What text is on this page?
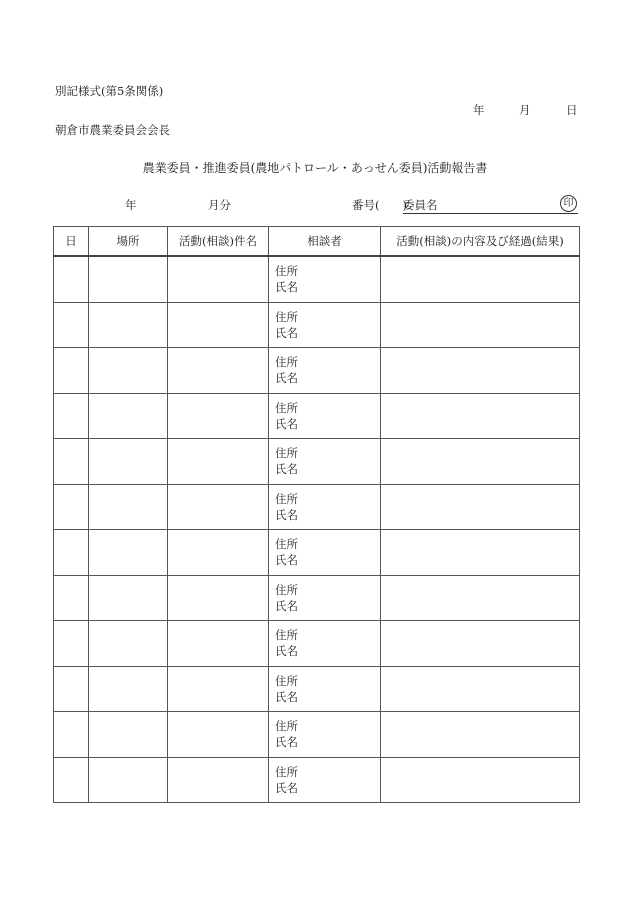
別記様式(第5条関係)
年	月	日
朝倉市農業委員会会長
農業委員・推進委員(農地パトロール・あっせん委員)活動報告書
年	月分	番号(　　)
委員名	印
日	場所	活動(相談)件名	相談者	活動(相談)の内容及び経過(結果)

			住所
氏名	

			住所
氏名	

			住所
氏名	

			住所
氏名	

			住所
氏名	

			住所
氏名	

			住所
氏名	

			住所
氏名	

			住所
氏名	

			住所
氏名	

			住所
氏名	

			住所
氏名	
